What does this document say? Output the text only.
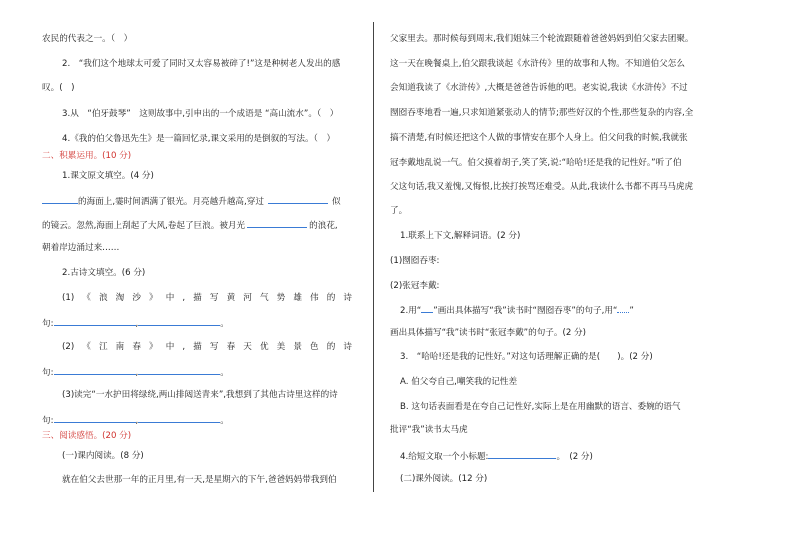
农民的代表之一。（　）
2.　“我们这个地球太可爱了同时又太容易被碎了!”这是种树老人发出的感
叹。(　)
3.从　“伯牙鼓琴”　这则故事中,引申出的一个成语是 “高山流水”。（　）
4.《我的伯父鲁迅先生》是一篇回忆录,课文采用的是倒叙的写法。（　）
二、积累运用。(10 分)
1.课文原文填空。(4 分)
的海面上,霎时间洒满了银光。月亮越升越高,穿过	似
的镜云。忽然,海面上刮起了大风,卷起了巨浪。被月光	的浪花,
朝着岸边涌过来……
2.古诗文填空。(6 分)
(1) 《 浪 淘 沙 》 中 , 描 写 黄 河 气 势 雄 伟 的 诗
句:	,	。
(2) 《 江 南 春 》 中 , 描 写 春 天 优 美 景 色 的 诗
句:	,	。
(3)读完“一水护田将绿绕,两山排闼送青来”,我想到了其他古诗里这样的诗
句:	,	。
三、阅读感悟。(20 分)
(一)课内阅读。(8 分)
就在伯父去世那一年的正月里,有一天,是星期六的下午,爸爸妈妈带我到伯
父家里去。那时候每到周末,我们姐妹三个轮流跟随着爸爸妈妈到伯父家去团聚。
这一天在晚餐桌上,伯父跟我谈起《水浒传》里的故事和人物。不知道伯父怎么
会知道我读了《水浒传》,大概是爸爸告诉他的吧。老实说,我读《水浒传》不过
囫囵吞枣地看一遍,只求知道紧张动人的情节;那些好汉的个性,那些复杂的内容,全
搞不清楚,有时候还把这个人做的事情安在那个人身上。伯父问我的时候,我就张
冠李戴地乱说一气。伯父摸着胡子,笑了笑,说:“哈哈!还是我的记性好。”听了伯
父这句话,我又羞愧,又悔恨,比挨打挨骂还难受。从此,我读什么书都不再马马虎虎
了。
1.联系上下文,解释词语。(2 分)
(1)囫囵吞枣:
(2)张冠李戴:
2.用“ ”画出具体描写“我”读书时“囫囵吞枣”的句子,用“ ”
画出具体描写“我”读书时“张冠李戴”的句子。(2 分)
3.　“哈哈!还是我的记性好。”对这句话理解正确的是(　　)。(2 分)
A. 伯父夸自己,嘲笑我的记性差
B. 这句话表面看是在夸自己记性好,实际上是在用幽默的语言、委婉的语气
批评“我”读书太马虎
4.给短文取一个小标题:	。　(2 分)
(二)课外阅读。(12 分)
